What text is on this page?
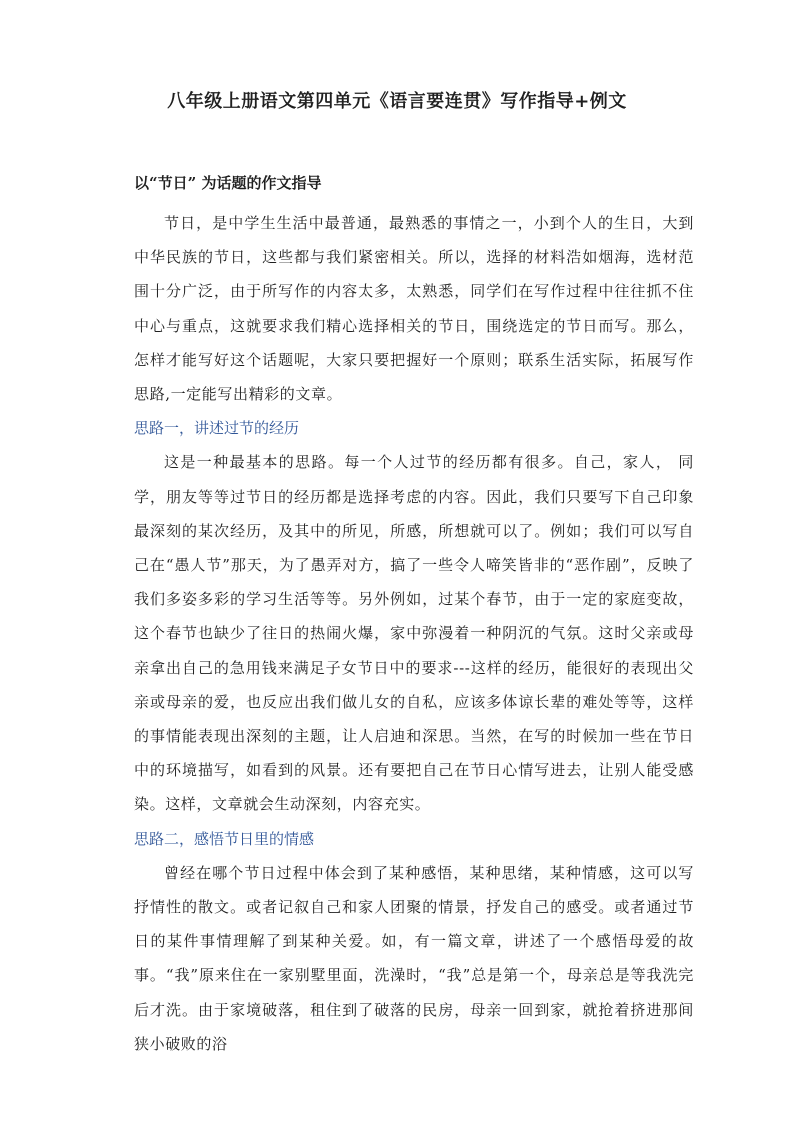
八年级上册语文第四单元《语言要连贯》写作指导+例文

以“节日” 为话题的作文指导

节日，是中学生生活中最普通，最熟悉的事情之一，小到个人的生日，大到中华民族的节日，这些都与我们紧密相关。所以，选择的材料浩如烟海，选材范围十分广泛，由于所写作的内容太多，太熟悉，同学们在写作过程中往往抓不住中心与重点，这就要求我们精心选择相关的节日，围绕选定的节日而写。那么，怎样才能写好这个话题呢，大家只要把握好一个原则；联系生活实际，拓展写作思路,一定能写出精彩的文章。

思路一，讲述过节的经历

这是一种最基本的思路。每一个人过节的经历都有很多。自己，家人， 同学，朋友等等过节日的经历都是选择考虑的内容。因此，我们只要写下自己印象最深刻的某次经历，及其中的所见，所感，所想就可以了。例如；我们可以写自己在“愚人节”那天，为了愚弄对方，搞了一些令人啼笑皆非的“恶作剧”，反映了我们多姿多彩的学习生活等等。另外例如，过某个春节，由于一定的家庭变故，这个春节也缺少了往日的热闹火爆，家中弥漫着一种阴沉的气氛。这时父亲或母亲拿出自己的急用钱来满足子女节日中的要求---这样的经历，能很好的表现出父亲或母亲的爱，也反应出我们做儿女的自私，应该多体谅长辈的难处等等，这样的事情能表现出深刻的主题，让人启迪和深思。当然，在写的时候加一些在节日中的环境描写，如看到的风景。还有要把自己在节日心情写进去，让别人能受感染。这样，文章就会生动深刻，内容充实。

思路二，感悟节日里的情感

曾经在哪个节日过程中体会到了某种感悟，某种思绪，某种情感，这可以写抒情性的散文。或者记叙自己和家人团聚的情景，抒发自己的感受。或者通过节日的某件事情理解了到某种关爱。如，有一篇文章，讲述了一个感悟母爱的故事。“我”原来住在一家别墅里面，洗澡时，“我”总是第一个，母亲总是等我洗完后才洗。由于家境破落，租住到了破落的民房，母亲一回到家，就抢着挤进那间狭小破败的浴
